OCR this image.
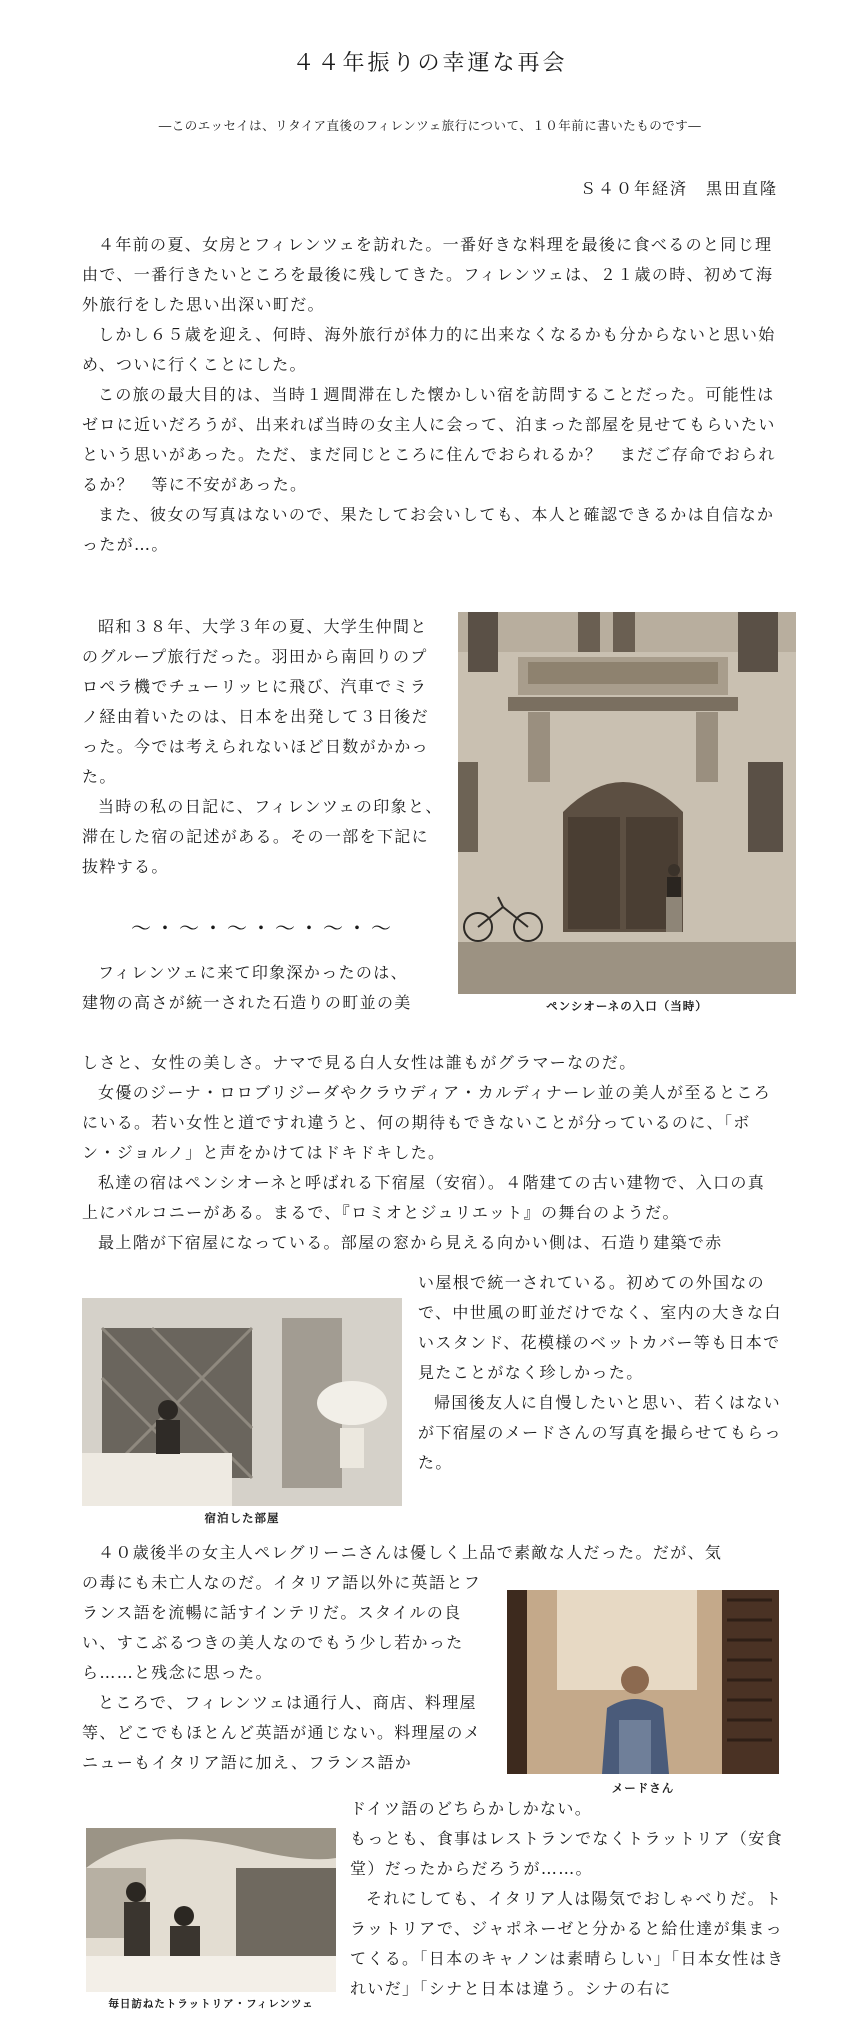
４４年振りの幸運な再会
―このエッセイは、リタイア直後のフィレンツェ旅行について、１０年前に書いたものです―
Ｓ４０年経済　黒田直隆

４年前の夏、女房とフィレンツェを訪れた。一番好きな料理を最後に食べるのと同じ理由で、一番行きたいところを最後に残してきた。フィレンツェは、２１歳の時、初めて海外旅行をした思い出深い町だ。

しかし６５歳を迎え、何時、海外旅行が体力的に出来なくなるかも分からないと思い始め、ついに行くことにした。

この旅の最大目的は、当時１週間滞在した懐かしい宿を訪問することだった。可能性はゼロに近いだろうが、出来れば当時の女主人に会って、泊まった部屋を見せてもらいたいという思いがあった。ただ、まだ同じところに住んでおられるか？　まだご存命でおられるか？　等に不安があった。

また、彼女の写真はないので、果たしてお会いしても、本人と確認できるかは自信なかったが…。

昭和３８年、大学３年の夏、大学生仲間とのグループ旅行だった。羽田から南回りのプロペラ機でチューリッヒに飛び、汽車でミラノ経由着いたのは、日本を出発して３日後だった。今では考えられないほど日数がかかった。

当時の私の日記に、フィレンツェの印象と、滞在した宿の記述がある。その一部を下記に抜粋する。

〜・〜・〜・〜・〜・〜

フィレンツェに来て印象深かったのは、

建物の高さが統一された石造りの町並の美	ペンシオーネの入口（当時）

しさと、女性の美しさ。ナマで見る白人女性は誰もがグラマーなのだ。

女優のジーナ・ロロブリジーダやクラウディア・カルディナーレ並の美人が至るところにいる。若い女性と道ですれ違うと、何の期待もできないことが分っているのに、「ボン・ジョルノ」と声をかけてはドキドキした。

私達の宿はペンシオーネと呼ばれる下宿屋（安宿）。４階建ての古い建物で、入口の真上にバルコニーがある。まるで、『ロミオとジュリエット』の舞台のようだ。

最上階が下宿屋になっている。部屋の窓から見える向かい側は、石造り建築で赤

宿泊した部屋

い屋根で統一されている。初めての外国なので、中世風の町並だけでなく、室内の大きな白いスタンド、花模様のベットカバー等も日本で見たことがなく珍しかった。

帰国後友人に自慢したいと思い、若くはないが下宿屋のメードさんの写真を撮らせてもらった。

４０歳後半の女主人ペレグリーニさんは優しく上品で素敵な人だった。だが、気

の毒にも未亡人なのだ。イタリア語以外に英語とフランス語を流暢に話すインテリだ。スタイルの良い、すこぶるつきの美人なのでもう少し若かったら……と残念に思った。

ところで、フィレンツェは通行人、商店、料理屋等、どこでもほとんど英語が通じない。料理屋のメニューもイタリア語に加え、フランス語か

メードさん
毎日訪ねたトラットリア・フィレンツェ

ドイツ語のどちらかしかない。

もっとも、食事はレストランでなくトラットリア（安食堂）だったからだろうが……。

それにしても、イタリア人は陽気でおしゃべりだ。トラットリアで、ジャポネーゼと分かると給仕達が集まってくる。「日本のキャノンは素晴らしい」「日本女性はきれいだ」「シナと日本は違う。シナの右に
